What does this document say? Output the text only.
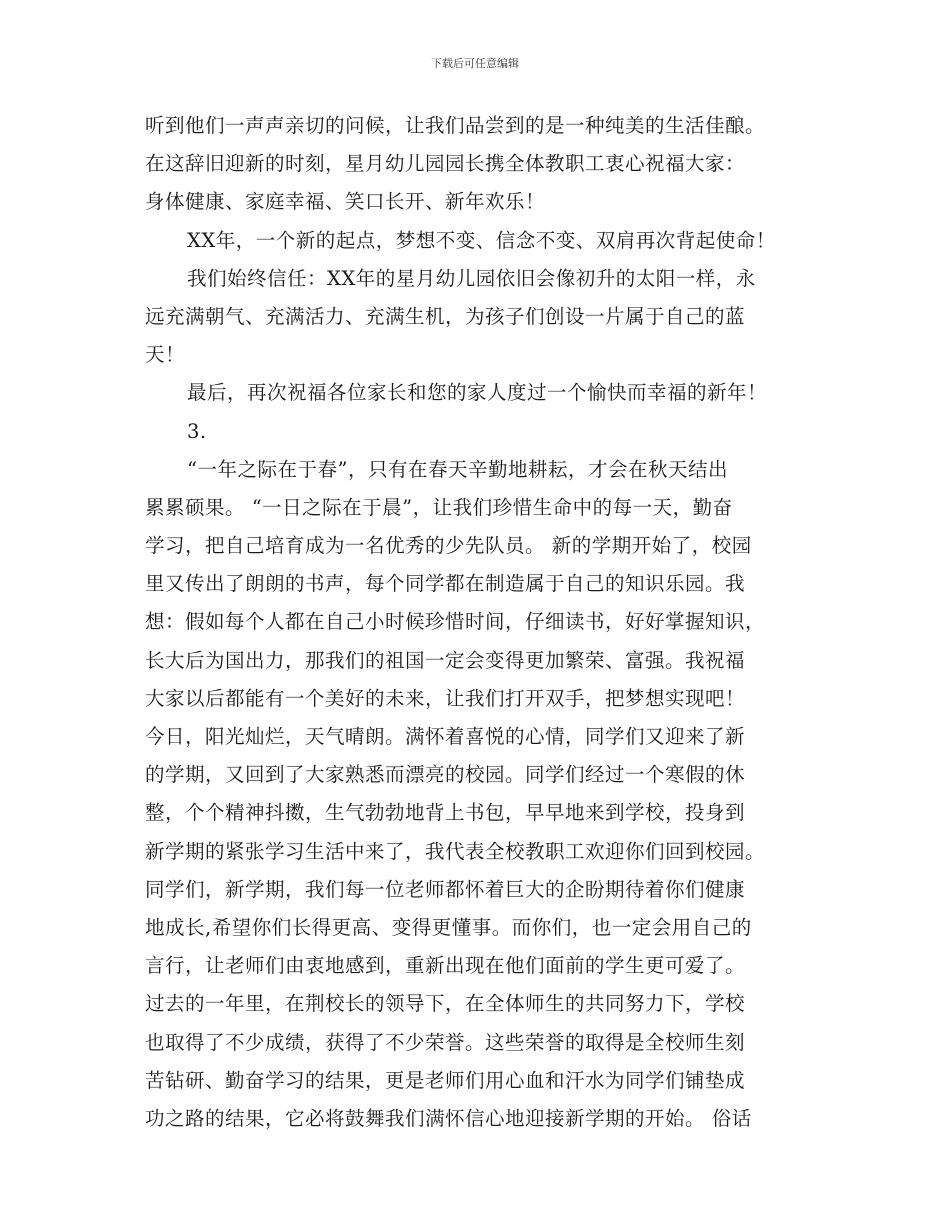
下载后可任意编辑
听到他们一声声亲切的问候，让我们品尝到的是一种纯美的生活佳酿。
在这辞旧迎新的时刻，星月幼儿园园长携全体教职工衷心祝福大家：
身体健康、家庭幸福、笑口长开、新年欢乐！
XX年，一个新的起点，梦想不变、信念不变、双肩再次背起使命！
我们始终信任：XX年的星月幼儿园依旧会像初升的太阳一样，永
远充满朝气、充满活力、充满生机，为孩子们创设一片属于自己的蓝
天！
最后，再次祝福各位家长和您的家人度过一个愉快而幸福的新年！
3.
“一年之际在于春”，只有在春天辛勤地耕耘，才会在秋天结出
累累硕果。 “一日之际在于晨”，让我们珍惜生命中的每一天，勤奋
学习，把自己培育成为一名优秀的少先队员。 新的学期开始了，校园
里又传出了朗朗的书声，每个同学都在制造属于自己的知识乐园。我
想：假如每个人都在自己小时候珍惜时间，仔细读书，好好掌握知识，
长大后为国出力，那我们的祖国一定会变得更加繁荣、富强。我祝福
大家以后都能有一个美好的未来，让我们打开双手，把梦想实现吧！
今日，阳光灿烂，天气晴朗。满怀着喜悦的心情，同学们又迎来了新
的学期，又回到了大家熟悉而漂亮的校园。同学们经过一个寒假的休
整，个个精神抖擞，生气勃勃地背上书包，早早地来到学校，投身到
新学期的紧张学习生活中来了，我代表全校教职工欢迎你们回到校园。
同学们，新学期，我们每一位老师都怀着巨大的企盼期待着你们健康
地成长,希望你们长得更高、变得更懂事。而你们，也一定会用自己的
言行，让老师们由衷地感到，重新出现在他们面前的学生更可爱了。
过去的一年里，在荆校长的领导下，在全体师生的共同努力下，学校
也取得了不少成绩，获得了不少荣誉。这些荣誉的取得是全校师生刻
苦钻研、勤奋学习的结果，更是老师们用心血和汗水为同学们铺垫成
功之路的结果，它必将鼓舞我们满怀信心地迎接新学期的开始。 俗话
